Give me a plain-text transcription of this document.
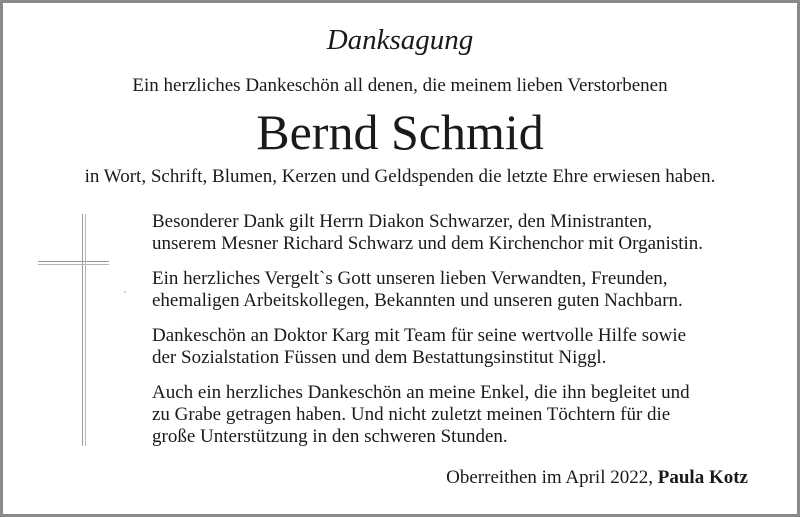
Danksagung
Ein herzliches Dankeschön all denen, die meinem lieben Verstorbenen
Bernd Schmid
in Wort, Schrift, Blumen, Kerzen und Geldspenden die letzte Ehre erwiesen haben.

Besonderer Dank gilt Herrn Diakon Schwarzer, den Ministranten,
unserem Mesner Richard Schwarz und dem Kirchenchor mit Organistin.

Ein herzliches Vergelt`s Gott unseren lieben Verwandten, Freunden,
ehemaligen Arbeitskollegen, Bekannten und unseren guten Nachbarn.

Dankeschön an Doktor Karg mit Team für seine wertvolle Hilfe sowie
der Sozialstation Füssen und dem Bestattungsinstitut Niggl.

Auch ein herzliches Dankeschön an meine Enkel, die ihn begleitet und
zu Grabe getragen haben. Und nicht zuletzt meinen Töchtern für die
große Unterstützung in den schweren Stunden.

Oberreithen im April 2022, Paula Kotz
